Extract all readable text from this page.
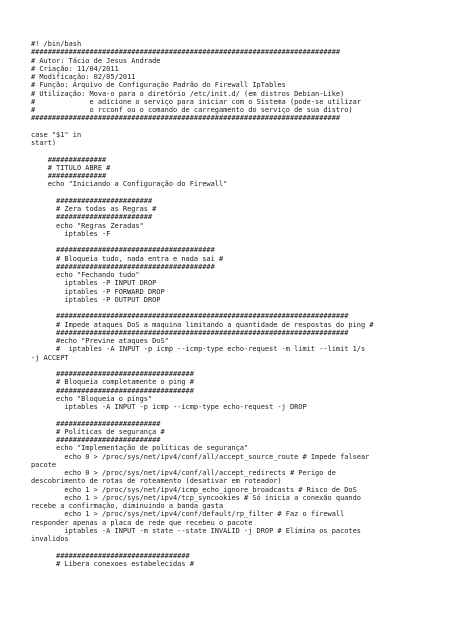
#! /bin/bash
##########################################################################
# Autor: Tácio de Jesus Andrade
# Criação: 11/04/2011
# Modificação: 02/05/2011
# Função: Arquivo de Configuração Padrão do Firewall IpTables
# Utilização: Mova-o para o diretório /etc/init.d/ (em distros Debian-Like)
#             e adicione o serviço para iniciar com o Sistema (pode-se utilizar
#             o rcconf ou o comando de carregamento do serviço de sua distro)
##########################################################################

case "$1" in
start)

##############
# TITULO ABRE #
##############
echo "Iniciando a Configuração do Firewall"

#######################
# Zera todas as Regras #
#######################
echo "Regras Zeradas"
iptables -F

######################################
# Bloqueia tudo, nada entra e nada sai #
######################################
echo "Fechando tudo"
iptables -P INPUT DROP
iptables -P FORWARD DROP
iptables -P OUTPUT DROP

######################################################################
# Impede ataques DoS a maquina limitando a quantidade de respostas do ping #
######################################################################
#echo "Previne ataques DoS"
#  iptables -A INPUT -p icmp --icmp-type echo-request -m limit --limit 1/s
-j ACCEPT

#################################
# Bloqueia completamente o ping #
#################################
echo "Bloqueia o pings"
iptables -A INPUT -p icmp --icmp-type echo-request -j DROP

#########################
# Políticas de segurança #
#########################
echo "Implementação de políticas de segurança"
echo 0 > /proc/sys/net/ipv4/conf/all/accept_source_route # Impede falsear
pacote
echo 0 > /proc/sys/net/ipv4/conf/all/accept_redirects # Perigo de
descobrimento de rotas de roteamento (desativar em roteador)
echo 1 > /proc/sys/net/ipv4/icmp_echo_ignore_broadcasts # Risco de DoS
echo 1 > /proc/sys/net/ipv4/tcp_syncookies # Só inicia a conexão quando
recebe a confirmação, diminuindo a banda gasta
echo 1 > /proc/sys/net/ipv4/conf/default/rp_filter # Faz o firewall
responder apenas a placa de rede que recebeu o pacote
iptables -A INPUT -m state --state INVALID -j DROP # Elimina os pacotes
invalidos

################################
# Libera conexoes estabelecidas #
